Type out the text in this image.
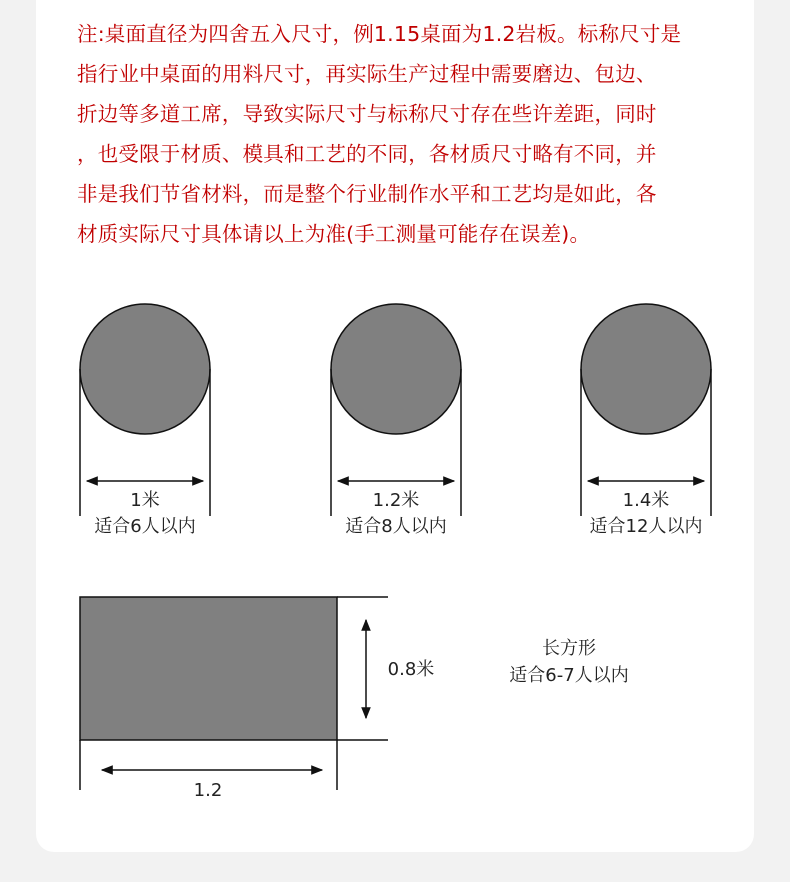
注:桌面直径为四舍五入尺寸，例1.15桌面为1.2岩板。标称尺寸是
指行业中桌面的用料尺寸，再实际生产过程中需要磨边、包边、
折边等多道工席，导致实际尺寸与标称尺寸存在些许差距，同时
，也受限于材质、模具和工艺的不同，各材质尺寸略有不同，并
非是我们节省材料，而是整个行业制作水平和工艺均是如此，各
材质实际尺寸具体请以上为准(手工测量可能存在误差)。
1米
适合6人以内
1.2米
适合8人以内
1.4米
适合12人以内
0.8米
1.2
长方形
适合6-7人以内
